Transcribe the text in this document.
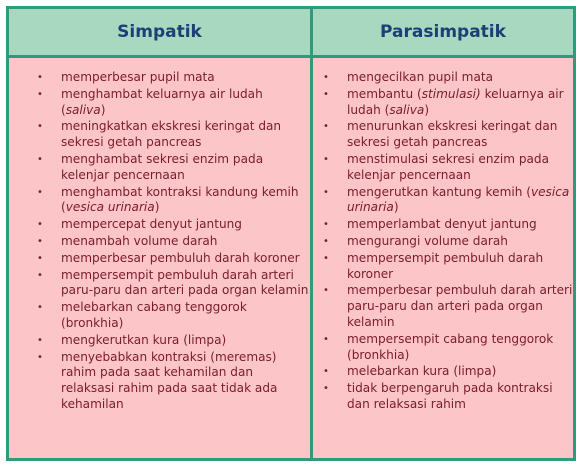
Simpatik	Parasimpatik
• memperbesar pupil mata
• menghambat keluarnya air ludah (saliva)
• meningkatkan ekskresi keringat dan sekresi getah pancreas
• menghambat sekresi enzim pada kelenjar pencernaan
• menghambat kontraksi kandung kemih (vesica urinaria)
• mempercepat denyut jantung
• menambah volume darah
• memperbesar pembuluh darah koroner
• mempersempit pembuluh darah arteri paru-paru dan arteri pada organ kelamin
• melebarkan cabang tenggorok (bronkhia)
• mengkerutkan kura (limpa)
• menyebabkan kontraksi (meremas) rahim pada saat kehamilan dan relaksasi rahim pada saat tidak ada kehamilan
• mengecilkan pupil mata
• membantu (stimulasi) keluarnya air ludah (saliva)
• menurunkan ekskresi keringat dan sekresi getah pancreas
• menstimulasi sekresi enzim pada kelenjar pencernaan
• mengerutkan kantung kemih (vesica urinaria)
• memperlambat denyut jantung
• mengurangi volume darah
• mempersempit pembuluh darah koroner
• memperbesar pembuluh darah arteri paru-paru dan arteri pada organ kelamin
• mempersempit cabang tenggorok (bronkhia)
• melebarkan kura (limpa)
• tidak berpengaruh pada kontraksi dan relaksasi rahim
